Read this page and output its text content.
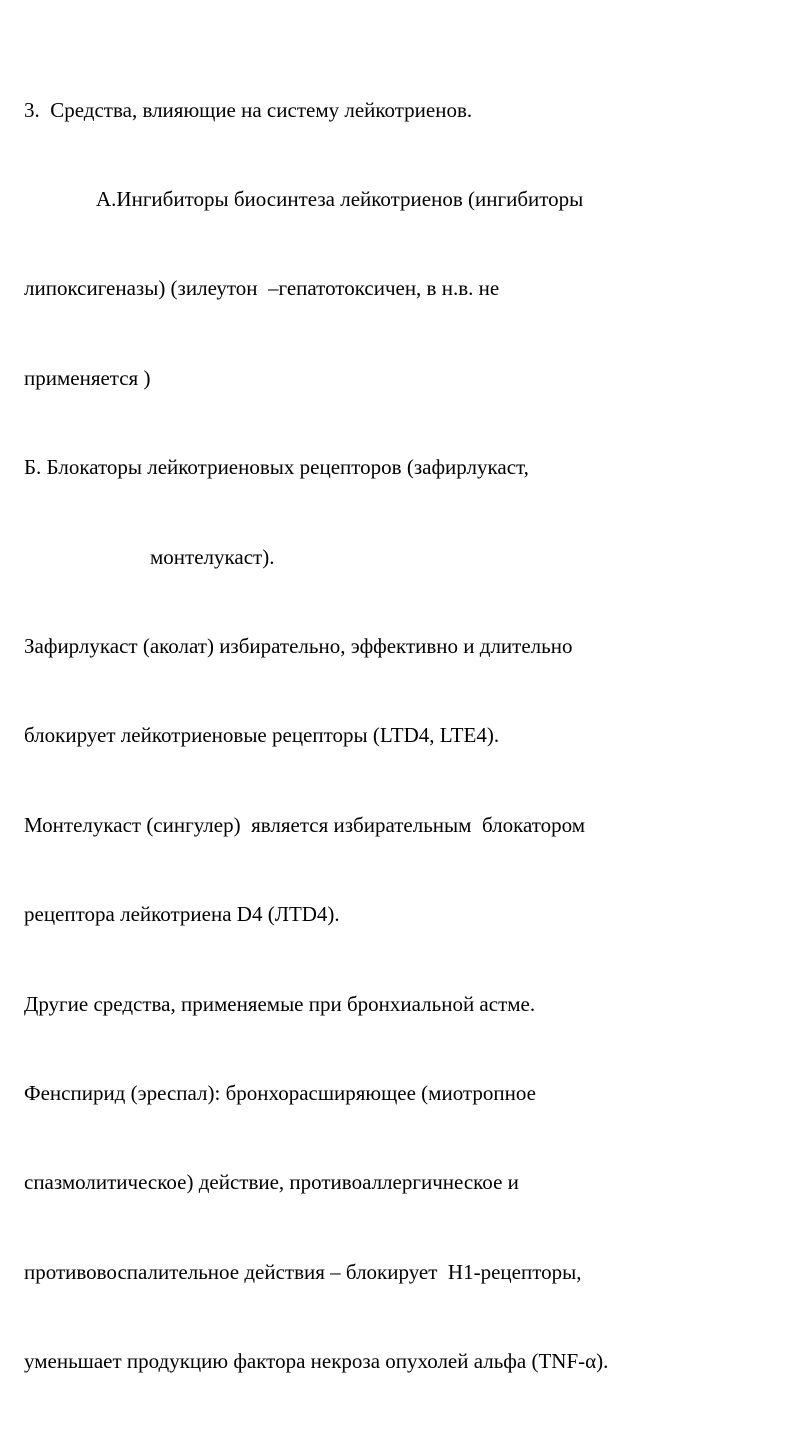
3.  Средства, влияющие на систему лейкотриенов.

А.Ингибиторы биосинтеза лейкотриенов (ингибиторы

липоксигеназы) (зилеутон  –гепатотоксичен, в н.в. не

применяется )

Б. Блокаторы лейкотриеновых рецепторов (зафирлукаст,

монтелукаст).

Зафирлукаст (аколат) избирательно, эффективно и длительно

блокирует лейкотриеновые рецепторы (LTD4, LTE4).

Монтелукаст (сингулер)  является избирательным  блокатором

рецептора лейкотриена D4 (ЛTD4).

Другие средства, применяемые при бронхиальной астме.

Фенспирид (эреспал): бронхорасширяющее (миотропное

спазмолитическое) действие, противоаллергичнеское и

противовоспалительное действия – блокирует  Н1-рецепторы,

уменьшает продукцию фактора некроза опухолей альфа (TNF-α).
